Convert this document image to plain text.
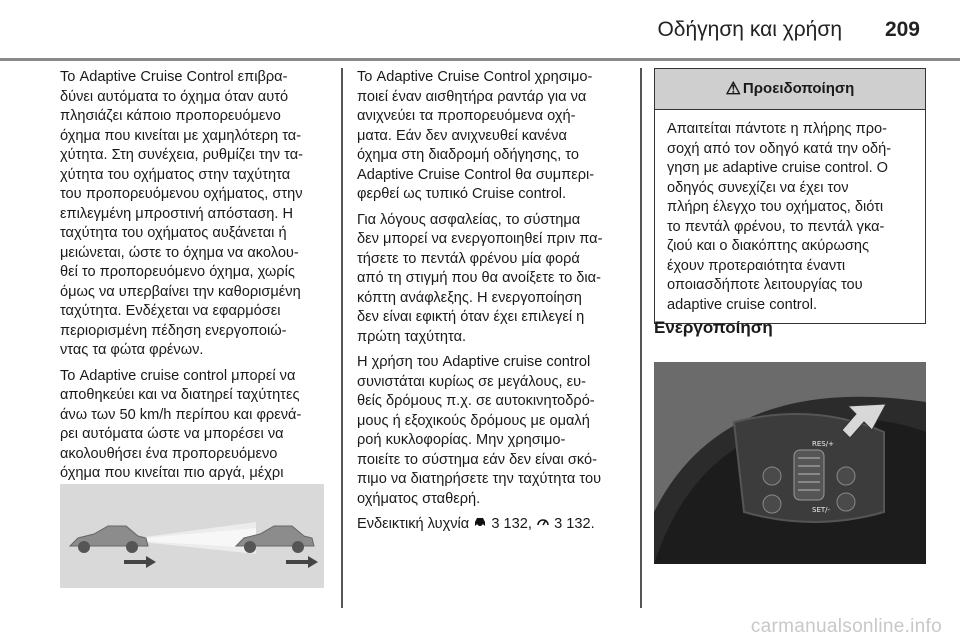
Οδήγηση και χρήση 209

Το Adaptive Cruise Control επιβρα-
δύνει αυτόματα το όχημα όταν αυτό
πλησιάζει κάποιο προπορευόμενο
όχημα που κινείται με χαμηλότερη τα-
χύτητα. Στη συνέχεια, ρυθμίζει την τα-
χύτητα του οχήματος στην ταχύτητα
του προπορευόμενου οχήματος, στην
επιλεγμένη μπροστινή απόσταση. Η
ταχύτητα του οχήματος αυξάνεται ή
μειώνεται, ώστε το όχημα να ακολου-
θεί το προπορευόμενο όχημα, χωρίς
όμως να υπερβαίνει την καθορισμένη
ταχύτητα. Ενδέχεται να εφαρμόσει
περιορισμένη πέδηση ενεργοποιώ-
ντας τα φώτα φρένων.

Το Adaptive cruise control μπορεί να
αποθηκεύει και να διατηρεί ταχύτητες
άνω των 50 km/h περίπου και φρενά-
ρει αυτόματα ώστε να μπορέσει να
ακολουθήσει ένα προπορευόμενο
όχημα που κινείται πιο αργά, μέχρι

Το Adaptive Cruise Control χρησιμο-
ποιεί έναν αισθητήρα ραντάρ για να
ανιχνεύει τα προπορευόμενα οχή-
ματα. Εάν δεν ανιχνευθεί κανένα
όχημα στη διαδρομή οδήγησης, το
Adaptive Cruise Control θα συμπερι-
φερθεί ως τυπικό Cruise control.

Για λόγους ασφαλείας, το σύστημα
δεν μπορεί να ενεργοποιηθεί πριν πα-
τήσετε το πεντάλ φρένου μία φορά
από τη στιγμή που θα ανοίξετε το δια-
κόπτη ανάφλεξης. Η ενεργοποίηση
δεν είναι εφικτή όταν έχει επιλεγεί η
πρώτη ταχύτητα.

Η χρήση του Adaptive cruise control
συνιστάται κυρίως σε μεγάλους, ευ-
θείς δρόμους π.χ. σε αυτοκινητοδρό-
μους ή εξοχικούς δρόμους με ομαλή
ροή κυκλοφορίας. Μην χρησιμο-
ποιείτε το σύστημα εάν δεν είναι σκό-
πιμο να διατηρήσετε την ταχύτητα του
οχήματος σταθερή.

Ενδεικτική λυχνία  3 132,  3 132.

⚠ Προειδοποίηση
Απαιτείται πάντοτε η πλήρης προ-
σοχή από τον οδηγό κατά την οδή-
γηση με adaptive cruise control. Ο
οδηγός συνεχίζει να έχει τον
πλήρη έλεγχο του οχήματος, διότι
το πεντάλ φρένου, το πεντάλ γκα-
ζιού και ο διακόπτης ακύρωσης
έχουν προτεραιότητα έναντι
οποιασδήποτε λειτουργίας του
adaptive cruise control.
Ενεργοποίηση
RES/+
SET/-
carmanualsonline.info
